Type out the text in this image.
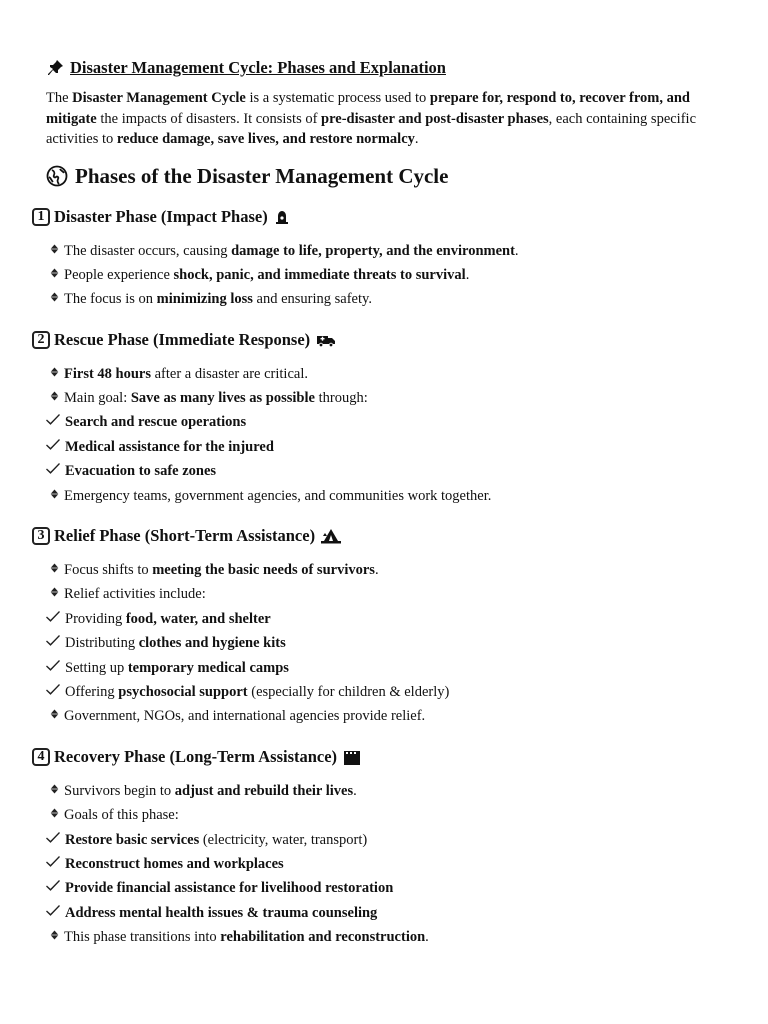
Disaster Management Cycle: Phases and Explanation

The Disaster Management Cycle is a systematic process used to prepare for, respond to, recover from, and mitigate the impacts of disasters. It consists of pre-disaster and post-disaster phases, each containing specific activities to reduce damage, save lives, and restore normalcy.

Phases of the Disaster Management Cycle
1 Disaster Phase (Impact Phase)
The disaster occurs, causing damage to life, property, and the environment.
People experience shock, panic, and immediate threats to survival.
The focus is on minimizing loss and ensuring safety.
2 Rescue Phase (Immediate Response)
First 48 hours after a disaster are critical.
Main goal: Save as many lives as possible through:
Search and rescue operations
Medical assistance for the injured
Evacuation to safe zones
Emergency teams, government agencies, and communities work together.
3 Relief Phase (Short-Term Assistance)
Focus shifts to meeting the basic needs of survivors.
Relief activities include:
Providing food, water, and shelter
Distributing clothes and hygiene kits
Setting up temporary medical camps
Offering psychosocial support (especially for children & elderly)
Government, NGOs, and international agencies provide relief.
4 Recovery Phase (Long-Term Assistance)
Survivors begin to adjust and rebuild their lives.
Goals of this phase:
Restore basic services (electricity, water, transport)
Reconstruct homes and workplaces
Provide financial assistance for livelihood restoration
Address mental health issues & trauma counseling
This phase transitions into rehabilitation and reconstruction.
